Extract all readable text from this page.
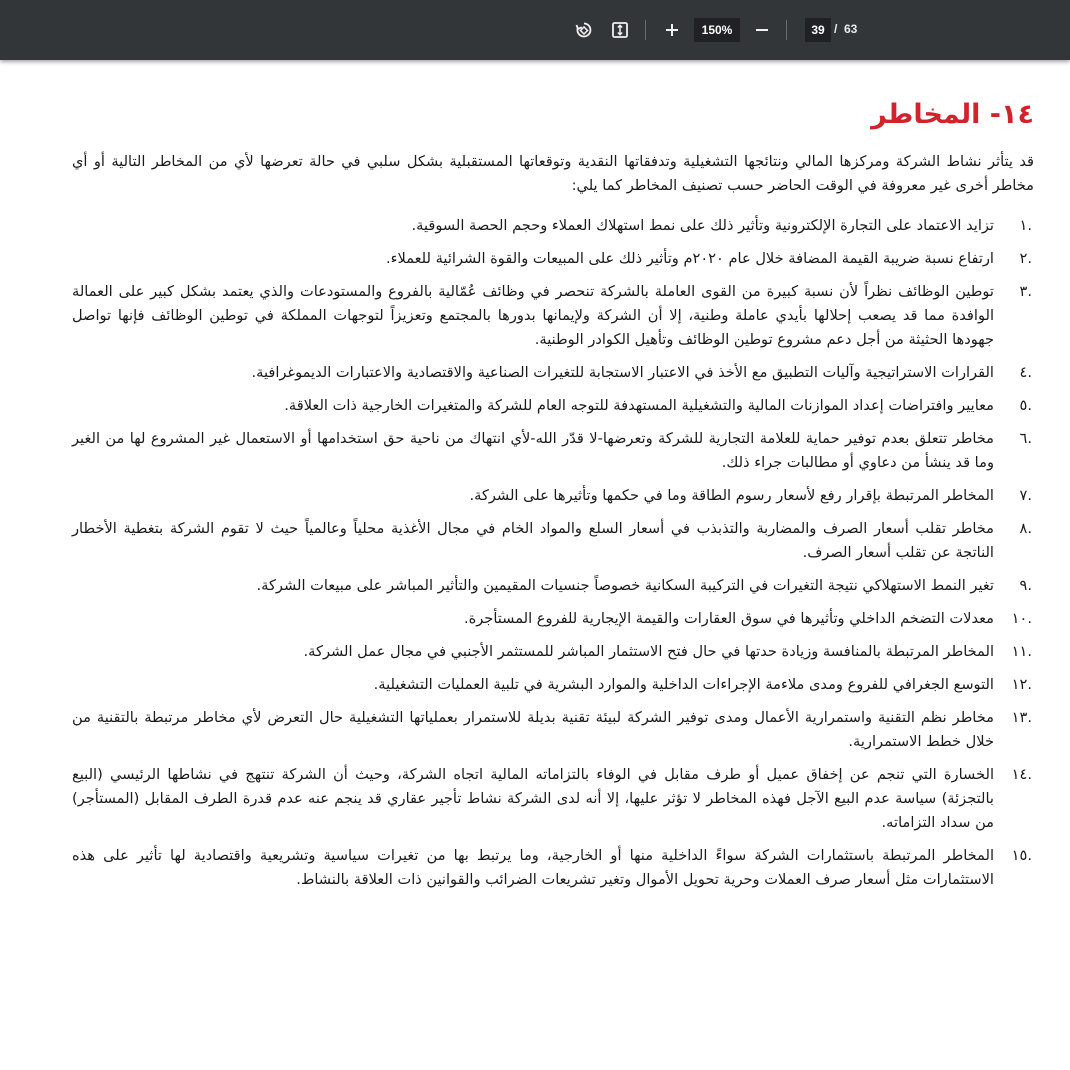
150%	39 / 63
١٤- المخاطر

قد يتأثر نشاط الشركة ومركزها المالي ونتائجها التشغيلية وتدفقاتها النقدية وتوقعاتها المستقبلية بشكل سلبي في حالة تعرضها لأي من المخاطر التالية أو أي مخاطر أخرى غير معروفة في الوقت الحاضر حسب تصنيف المخاطر كما يلي:

.١
تزايد الاعتماد على التجارة الإلكترونية وتأثير ذلك على نمط استهلاك العملاء وحجم الحصة السوقية.
.٢
ارتفاع نسبة ضريبة القيمة المضافة خلال عام ٢٠٢٠م وتأثير ذلك على المبيعات والقوة الشرائية للعملاء.
.٣
توطين الوظائف نظراً لأن نسبة كبيرة من القوى العاملة بالشركة تنحصر في وظائف عُمّالية بالفروع والمستودعات والذي يعتمد بشكل كبير على العمالة الوافدة مما قد يصعب إحلالها بأيدي عاملة وطنية، إلا أن الشركة ولإيمانها بدورها بالمجتمع وتعزيزاً لتوجهات المملكة في توطين الوظائف فإنها تواصل جهودها الحثيثة من أجل دعم مشروع توطين الوظائف وتأهيل الكوادر الوطنية.
.٤
القرارات الاستراتيجية وآليات التطبيق مع الأخذ في الاعتبار الاستجابة للتغيرات الصناعية والاقتصادية والاعتبارات الديموغرافية.
.٥
معايير وافتراضات إعداد الموازنات المالية والتشغيلية المستهدفة للتوجه العام للشركة والمتغيرات الخارجية ذات العلاقة.
.٦
مخاطر تتعلق بعدم توفير حماية للعلامة التجارية للشركة وتعرضها-لا قدّر الله-لأي انتهاك من ناحية حق استخدامها أو الاستعمال غير المشروع لها من الغير وما قد ينشأ من دعاوي أو مطالبات جراء ذلك.
.٧
المخاطر المرتبطة بإقرار رفع لأسعار رسوم الطاقة وما في حكمها وتأثيرها على الشركة.
.٨
مخاطر تقلب أسعار الصرف والمضاربة والتذبذب في أسعار السلع والمواد الخام في مجال الأغذية محلياً وعالمياً حيث لا تقوم الشركة بتغطية الأخطار الناتجة عن تقلب أسعار الصرف.
.٩
تغير النمط الاستهلاكي نتيجة التغيرات في التركيبة السكانية خصوصاً جنسيات المقيمين والتأثير المباشر على مبيعات الشركة.
.١٠
معدلات التضخم الداخلي وتأثيرها في سوق العقارات والقيمة الإيجارية للفروع المستأجرة.
.١١
المخاطر المرتبطة بالمنافسة وزيادة حدتها في حال فتح الاستثمار المباشر للمستثمر الأجنبي في مجال عمل الشركة.
.١٢
التوسع الجغرافي للفروع ومدى ملاءمة الإجراءات الداخلية والموارد البشرية في تلبية العمليات التشغيلية.
.١٣
مخاطر نظم التقنية واستمرارية الأعمال ومدى توفير الشركة لبيئة تقنية بديلة للاستمرار بعملياتها التشغيلية حال التعرض لأي مخاطر مرتبطة بالتقنية من خلال خطط الاستمرارية.
.١٤
الخسارة التي تنجم عن إخفاق عميل أو طرف مقابل في الوفاء بالتزاماته المالية اتجاه الشركة، وحيث أن الشركة تنتهج في نشاطها الرئيسي (البيع بالتجزئة) سياسة عدم البيع الآجل فهذه المخاطر لا تؤثر عليها، إلا أنه لدى الشركة نشاط تأجير عقاري قد ينجم عنه عدم قدرة الطرف المقابل (المستأجر) من سداد التزاماته.
.١٥
المخاطر المرتبطة باستثمارات الشركة سواءً الداخلية منها أو الخارجية، وما يرتبط بها من تغيرات سياسية وتشريعية واقتصادية لها تأثير على هذه الاستثمارات مثل أسعار صرف العملات وحرية تحويل الأموال وتغير تشريعات الضرائب والقوانين ذات العلاقة بالنشاط.
